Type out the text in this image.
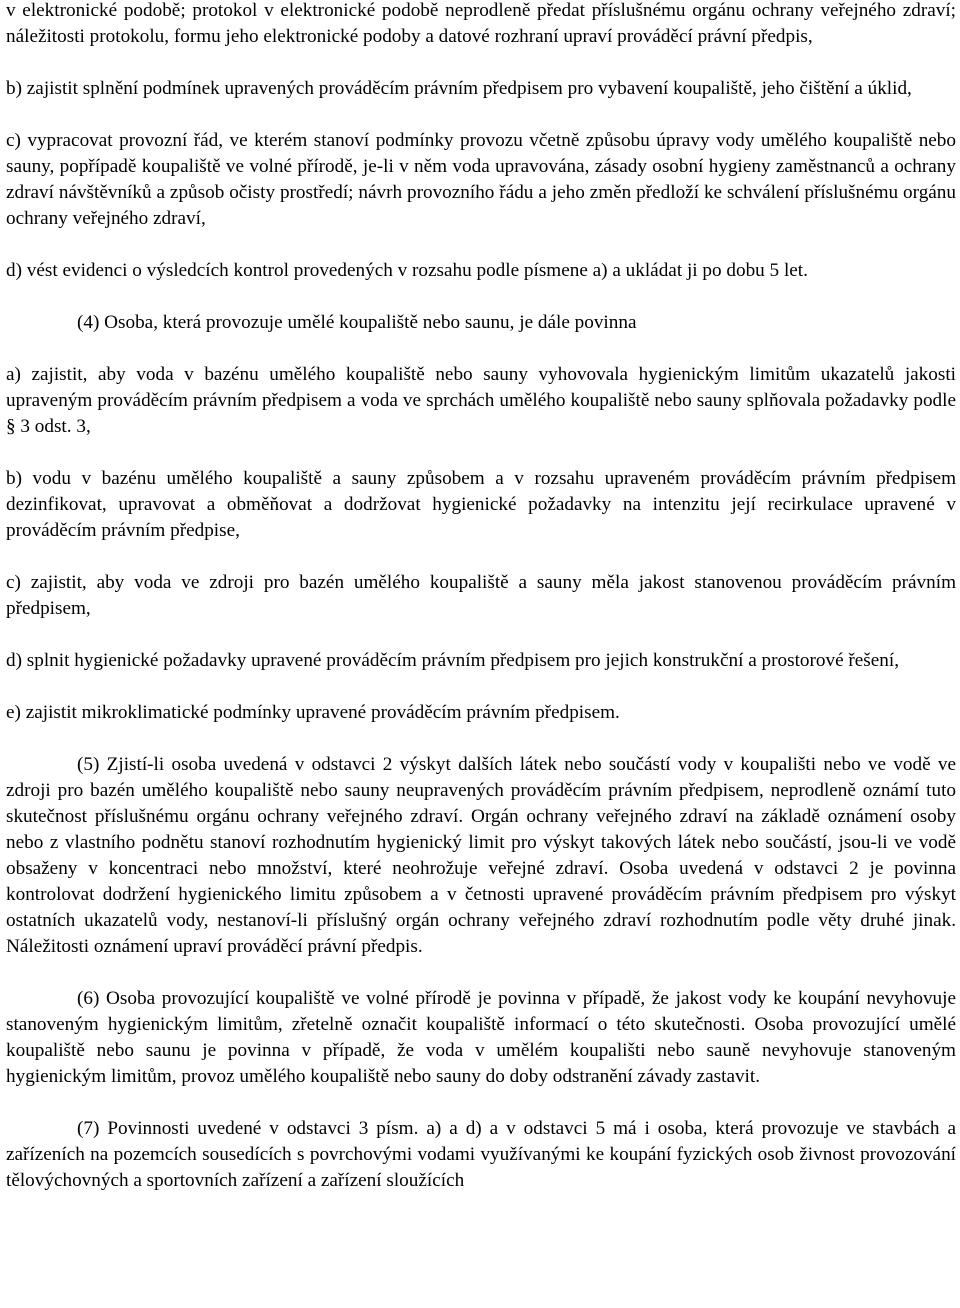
v elektronické podobě; protokol v elektronické podobě neprodleně předat příslušnému orgánu ochrany veřejného zdraví; náležitosti protokolu, formu jeho elektronické podoby a datové rozhraní upraví prováděcí právní předpis,

b) zajistit splnění podmínek upravených prováděcím právním předpisem pro vybavení koupaliště, jeho čištění a úklid,

c) vypracovat provozní řád, ve kterém stanoví podmínky provozu včetně způsobu úpravy vody umělého koupaliště nebo sauny, popřípadě koupaliště ve volné přírodě, je-li v něm voda upravována, zásady osobní hygieny zaměstnanců a ochrany zdraví návštěvníků a způsob očisty prostředí; návrh provozního řádu a jeho změn předloží ke schválení příslušnému orgánu ochrany veřejného zdraví,

d) vést evidenci o výsledcích kontrol provedených v rozsahu podle písmene a) a ukládat ji po dobu 5 let.

(4) Osoba, která provozuje umělé koupaliště nebo saunu, je dále povinna

a) zajistit, aby voda v bazénu umělého koupaliště nebo sauny vyhovovala hygienickým limitům ukazatelů jakosti upraveným prováděcím právním předpisem a voda ve sprchách umělého koupaliště nebo sauny splňovala požadavky podle § 3 odst. 3,

b) vodu v bazénu umělého koupaliště a sauny způsobem a v rozsahu upraveném prováděcím právním předpisem dezinfikovat, upravovat a obměňovat a dodržovat hygienické požadavky na intenzitu její recirkulace upravené v prováděcím právním předpise,

c) zajistit, aby voda ve zdroji pro bazén umělého koupaliště a sauny měla jakost stanovenou prováděcím právním předpisem,

d) splnit hygienické požadavky upravené prováděcím právním předpisem pro jejich konstrukční a prostorové řešení,

e) zajistit mikroklimatické podmínky upravené prováděcím právním předpisem.

(5) Zjistí-li osoba uvedená v odstavci 2 výskyt dalších látek nebo součástí vody v koupališti nebo ve vodě ve zdroji pro bazén umělého koupaliště nebo sauny neupravených prováděcím právním předpisem, neprodleně oznámí tuto skutečnost příslušnému orgánu ochrany veřejného zdraví. Orgán ochrany veřejného zdraví na základě oznámení osoby nebo z vlastního podnětu stanoví rozhodnutím hygienický limit pro výskyt takových látek nebo součástí, jsou-li ve vodě obsaženy v koncentraci nebo množství, které neohrožuje veřejné zdraví. Osoba uvedená v odstavci 2 je povinna kontrolovat dodržení hygienického limitu způsobem a v četnosti upravené prováděcím právním předpisem pro výskyt ostatních ukazatelů vody, nestanoví-li příslušný orgán ochrany veřejného zdraví rozhodnutím podle věty druhé jinak. Náležitosti oznámení upraví prováděcí právní předpis.

(6) Osoba provozující koupaliště ve volné přírodě je povinna v případě, že jakost vody ke koupání nevyhovuje stanoveným hygienickým limitům, zřetelně označit koupaliště informací o této skutečnosti. Osoba provozující umělé koupaliště nebo saunu je povinna v případě, že voda v umělém koupališti nebo sauně nevyhovuje stanoveným hygienickým limitům, provoz umělého koupaliště nebo sauny do doby odstranění závady zastavit.

(7) Povinnosti uvedené v odstavci 3 písm. a) a d) a v odstavci 5 má i osoba, která provozuje ve stavbách a zařízeních na pozemcích sousedících s povrchovými vodami využívanými ke koupání fyzických osob živnost provozování tělovýchovných a sportovních zařízení a zařízení sloužících
